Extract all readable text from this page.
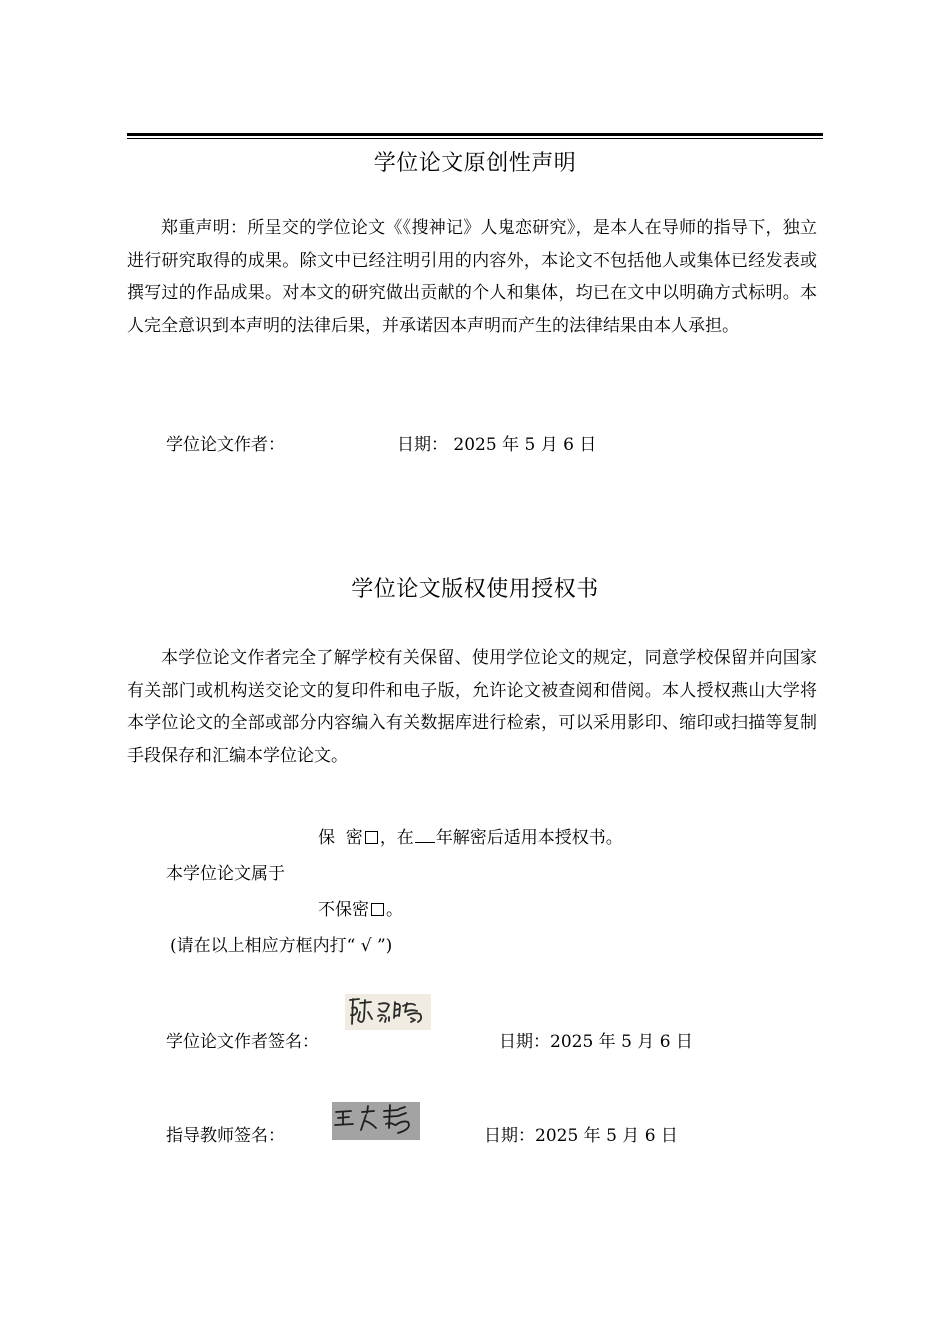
学位论文原创性声明
郑重声明：所呈交的学位论文《《搜神记》人鬼恋研究》，是本人在导师的指导下，独立进行研究取得的成果。除文中已经注明引用的内容外，本论文不包括他人或集体已经发表或撰写过的作品成果。对本文的研究做出贡献的个人和集体，均已在文中以明确方式标明。本人完全意识到本声明的法律后果，并承诺因本声明而产生的法律结果由本人承担。
学位论文作者：	日期： 2025 年 5 月 6 日
学位论文版权使用授权书
本学位论文作者完全了解学校有关保留、使用学位论文的规定，同意学校保留并向国家有关部门或机构送交论文的复印件和电子版，允许论文被查阅和借阅。本人授权燕山大学将本学位论文的全部或部分内容编入有关数据库进行检索，可以采用影印、缩印或扫描等复制手段保存和汇编本学位论文。
保  密 ，在 年解密后适用本授权书。
本学位论文属于
不保密 。
(请在以上相应方框内打“ √ ”)
学位论文作者签名：	日期：2025 年 5 月 6 日
指导教师签名：	日期：2025 年 5 月 6 日
